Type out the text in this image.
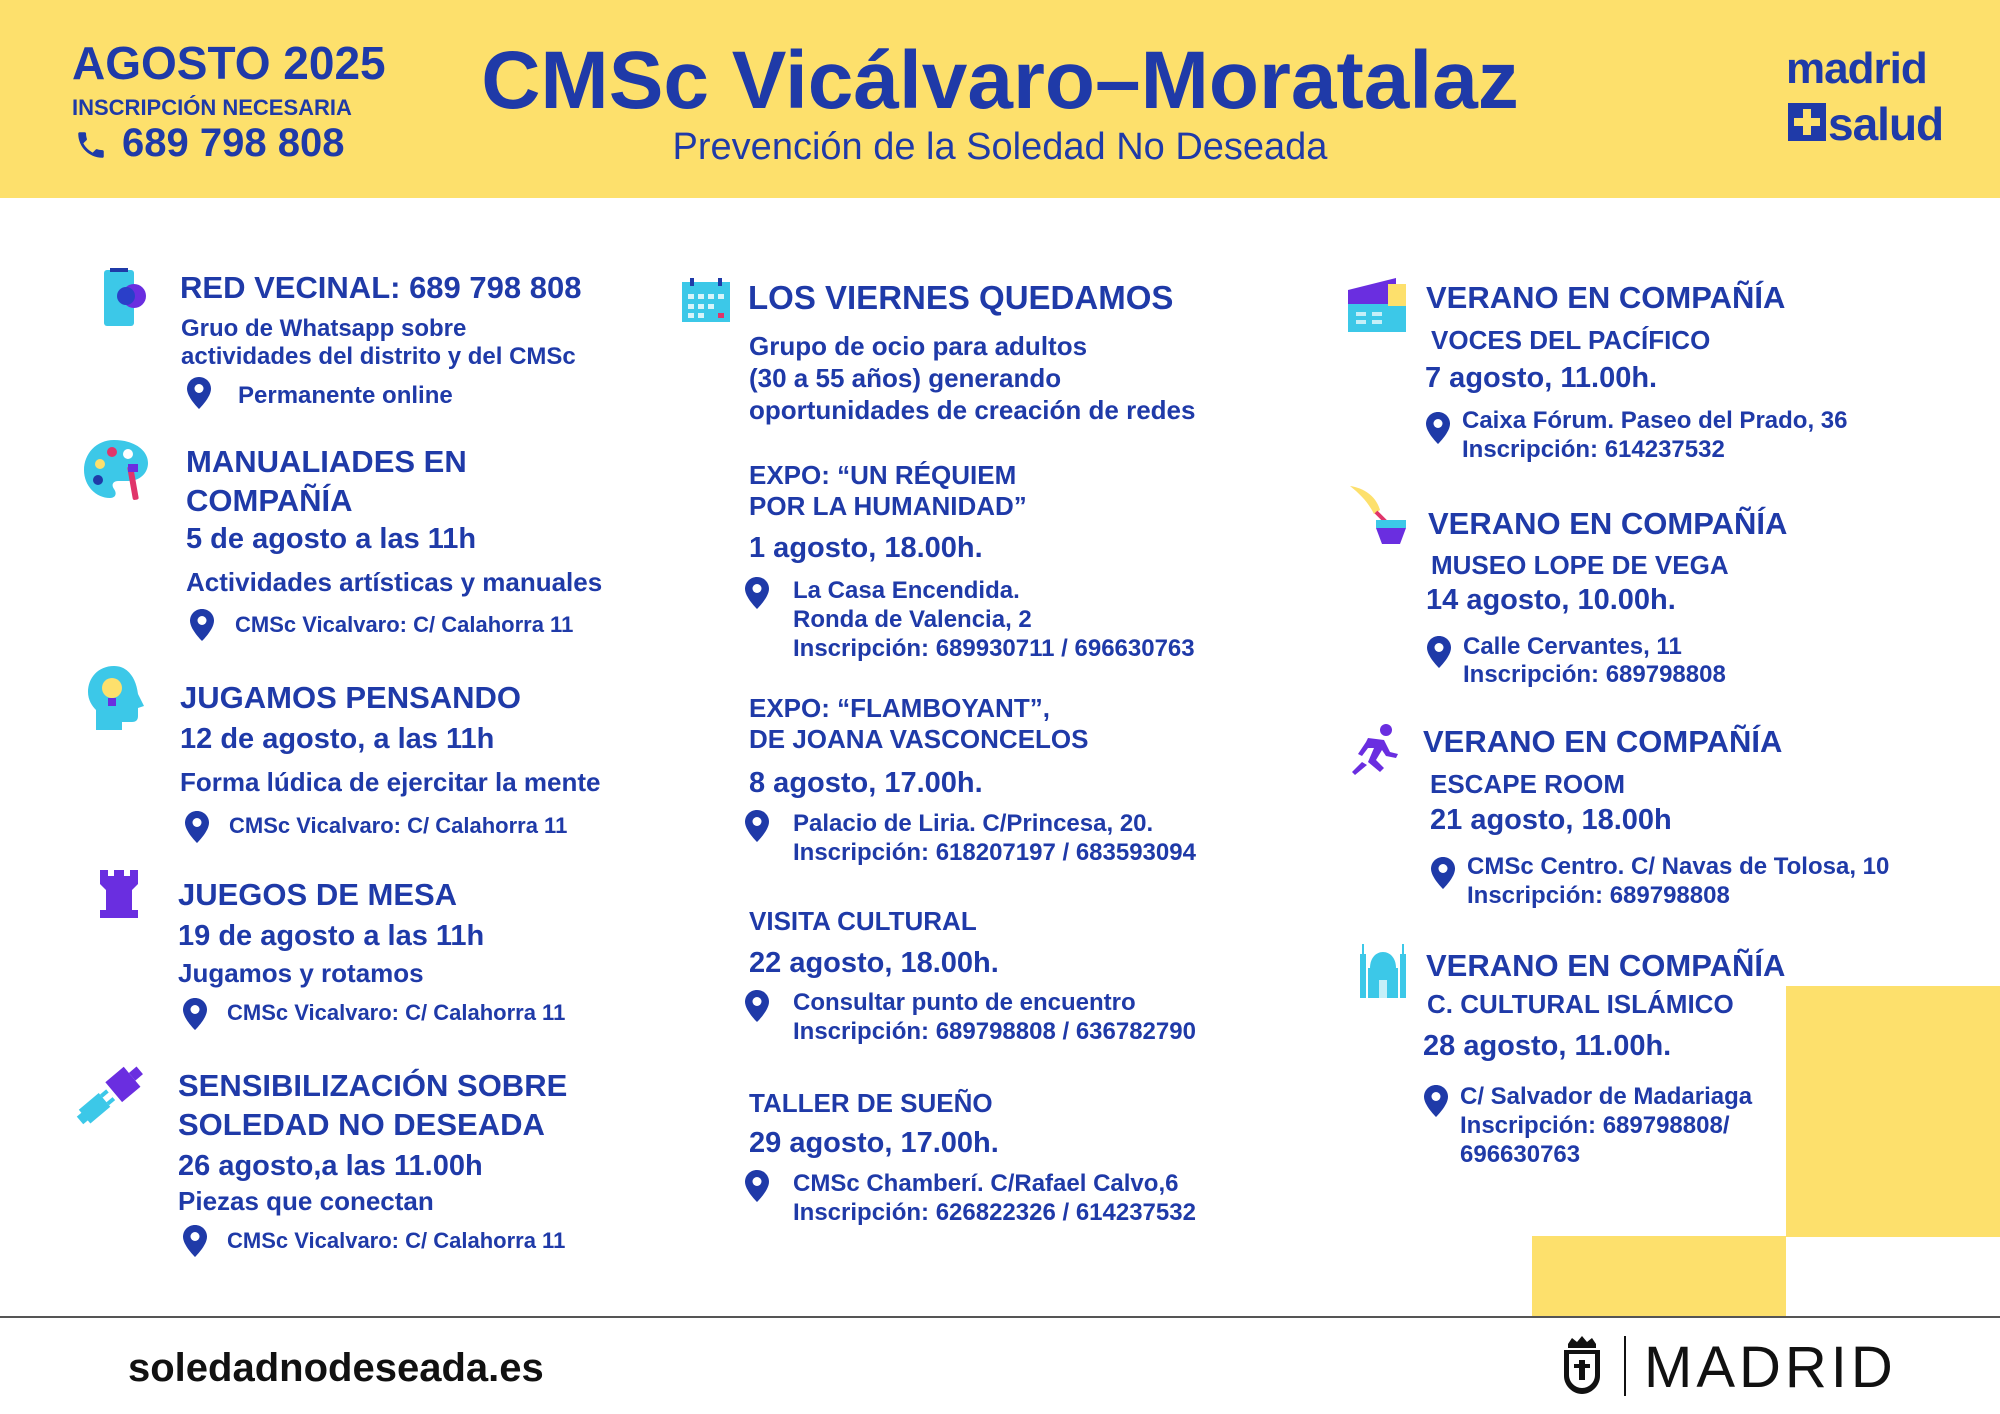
AGOSTO 2025
INSCRIPCIÓN NECESARIA
689 798 808
CMSc Vicálvaro–Moratalaz
Prevención de la Soledad No Deseada
madrid
salud
RED VECINAL: 689 798 808
Gruo de Whatsapp sobre
actividades del distrito y del CMSc
Permanente online
MANUALIADES EN
COMPAÑÍA
5 de agosto a las 11h
Actividades artísticas y manuales
CMSc Vicalvaro: C/ Calahorra 11
JUGAMOS PENSANDO
12 de agosto, a las 11h
Forma lúdica de ejercitar la mente
CMSc Vicalvaro: C/ Calahorra 11
JUEGOS DE MESA
19 de agosto a las 11h
Jugamos y rotamos
CMSc Vicalvaro: C/ Calahorra 11
SENSIBILIZACIÓN SOBRE
SOLEDAD NO DESEADA
26 agosto,a las 11.00h
Piezas que conectan
CMSc Vicalvaro: C/ Calahorra 11
LOS VIERNES QUEDAMOS
Grupo de ocio para adultos
(30 a 55 años) generando
oportunidades de creación de redes
EXPO: “UN RÉQUIEM
POR LA HUMANIDAD”
1 agosto, 18.00h.
La Casa Encendida.
Ronda de Valencia, 2
Inscripción: 689930711 / 696630763
EXPO: “FLAMBOYANT”,
DE JOANA VASCONCELOS
8 agosto, 17.00h.
Palacio de Liria. C/Princesa, 20.
Inscripción: 618207197 / 683593094
VISITA CULTURAL
22 agosto, 18.00h.
Consultar punto de encuentro
Inscripción: 689798808 / 636782790
TALLER DE SUEÑO
29 agosto, 17.00h.
CMSc Chamberí. C/Rafael Calvo,6
Inscripción: 626822326 / 614237532
VERANO EN COMPAÑÍA
VOCES DEL PACÍFICO
7 agosto, 11.00h.
Caixa Fórum. Paseo del Prado, 36
Inscripción: 614237532
VERANO EN COMPAÑÍA
MUSEO LOPE DE VEGA
14 agosto, 10.00h.
Calle Cervantes, 11
Inscripción: 689798808
VERANO EN COMPAÑÍA
ESCAPE ROOM
21 agosto, 18.00h
CMSc Centro. C/ Navas de Tolosa, 10
Inscripción: 689798808
VERANO EN COMPAÑÍA
C. CULTURAL ISLÁMICO
28 agosto, 11.00h.
C/ Salvador de Madariaga
Inscripción: 689798808/
696630763
soledadnodeseada.es	MADRID
